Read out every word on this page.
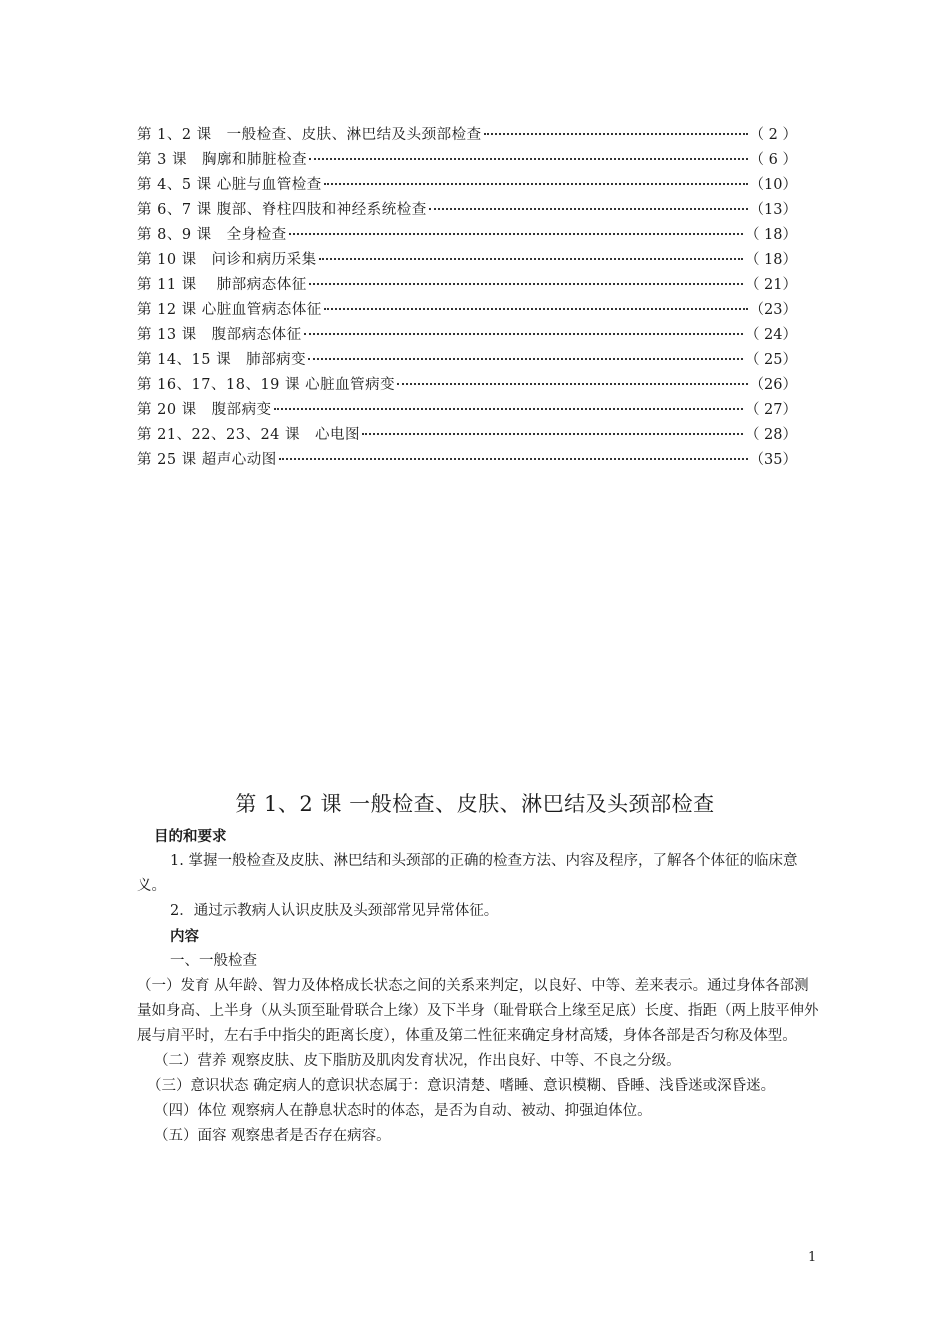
第 1、2 课　一般检查、皮肤、淋巴结及头颈部检查	（ 2 ）
第 3 课　胸廓和肺脏检查	（ 6 ）
第 4、5 课 心脏与血管检查	（10）
第 6、7 课 腹部、脊柱四肢和神经系统检查	（13）
第 8、9 课　全身检查	（ 18）
第 10 课　问诊和病历采集	（ 18）
第 11 课　 肺部病态体征	（ 21）
第 12 课 心脏血管病态体征	（23）
第 13 课　腹部病态体征	（ 24）
第 14、15 课　肺部病变	（ 25）
第 16、17、18、19 课 心脏血管病变	（26）
第 20 课　腹部病变	（ 27）
第 21、22、23、24 课　心电图	（ 28）
第 25 课 超声心动图	（35）
第 1、2 课 一般检查、皮肤、淋巴结及头颈部检查

目的和要求

1. 掌握一般检查及皮肤、淋巴结和头颈部的正确的检查方法、内容及程序，了解各个体征的临床意义。

2．通过示教病人认识皮肤及头颈部常见异常体征。

内容

一、一般检查

（一）发育 从年龄、智力及体格成长状态之间的关系来判定，以良好、中等、差来表示。通过身体各部测量如身高、上半身（从头顶至耻骨联合上缘）及下半身（耻骨联合上缘至足底）长度、指距（两上肢平伸外展与肩平时，左右手中指尖的距离长度），体重及第二性征来确定身材高矮，身体各部是否匀称及体型。

（二）营养 观察皮肤、皮下脂肪及肌肉发育状况，作出良好、中等、不良之分级。

（三）意识状态 确定病人的意识状态属于：意识清楚、嗜睡、意识模糊、昏睡、浅昏迷或深昏迷。

（四）体位 观察病人在静息状态时的体态，是否为自动、被动、抑强迫体位。

（五）面容 观察患者是否存在病容。

1
